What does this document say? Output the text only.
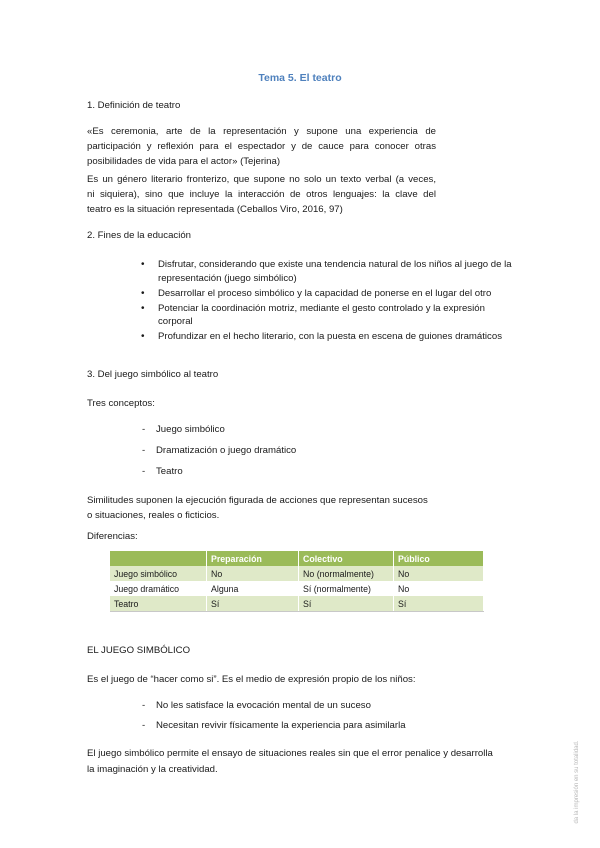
Tema 5. El teatro
1. Definición de teatro
«Es ceremonia, arte de la representación y supone una experiencia de
participación y reflexión para el espectador y de cauce para conocer otras
posibilidades de vida para el actor» (Tejerina)
Es un género literario fronterizo, que supone no solo un texto verbal (a veces,
ni siquiera), sino que incluye la interacción de otros lenguajes: la clave del
teatro es la situación representada (Ceballos Viro, 2016, 97)
2. Fines de la educación
• Disfrutar, considerando que existe una tendencia natural de los niños al juego de la representación (juego simbólico)
• Desarrollar el proceso simbólico y la capacidad de ponerse en el lugar del otro
• Potenciar la coordinación motriz, mediante el gesto controlado y la expresión corporal
• Profundizar en el hecho literario, con la puesta en escena de guiones dramáticos
3. Del juego simbólico al teatro
Tres conceptos:
- Juego simbólico
- Dramatización o juego dramático
- Teatro
Similitudes suponen la ejecución figurada de acciones que representan sucesos
o situaciones, reales o ficticios.
Diferencias:
	Preparación	Colectivo	Público
Juego simbólico	No	No (normalmente)	No
Juego dramático	Alguna	Sí (normalmente)	No
Teatro	Sí	Sí	Sí
EL JUEGO SIMBÓLICO
Es el juego de “hacer como si”. Es el medio de expresión propio de los niños:
- No les satisface la evocación mental de un suceso
- Necesitan revivir físicamente la experiencia para asimilarla
El juego simbólico permite el ensayo de situaciones reales sin que el error penalice y desarrolla
la imaginación y la creatividad.	da la impresión en su totalidad.
